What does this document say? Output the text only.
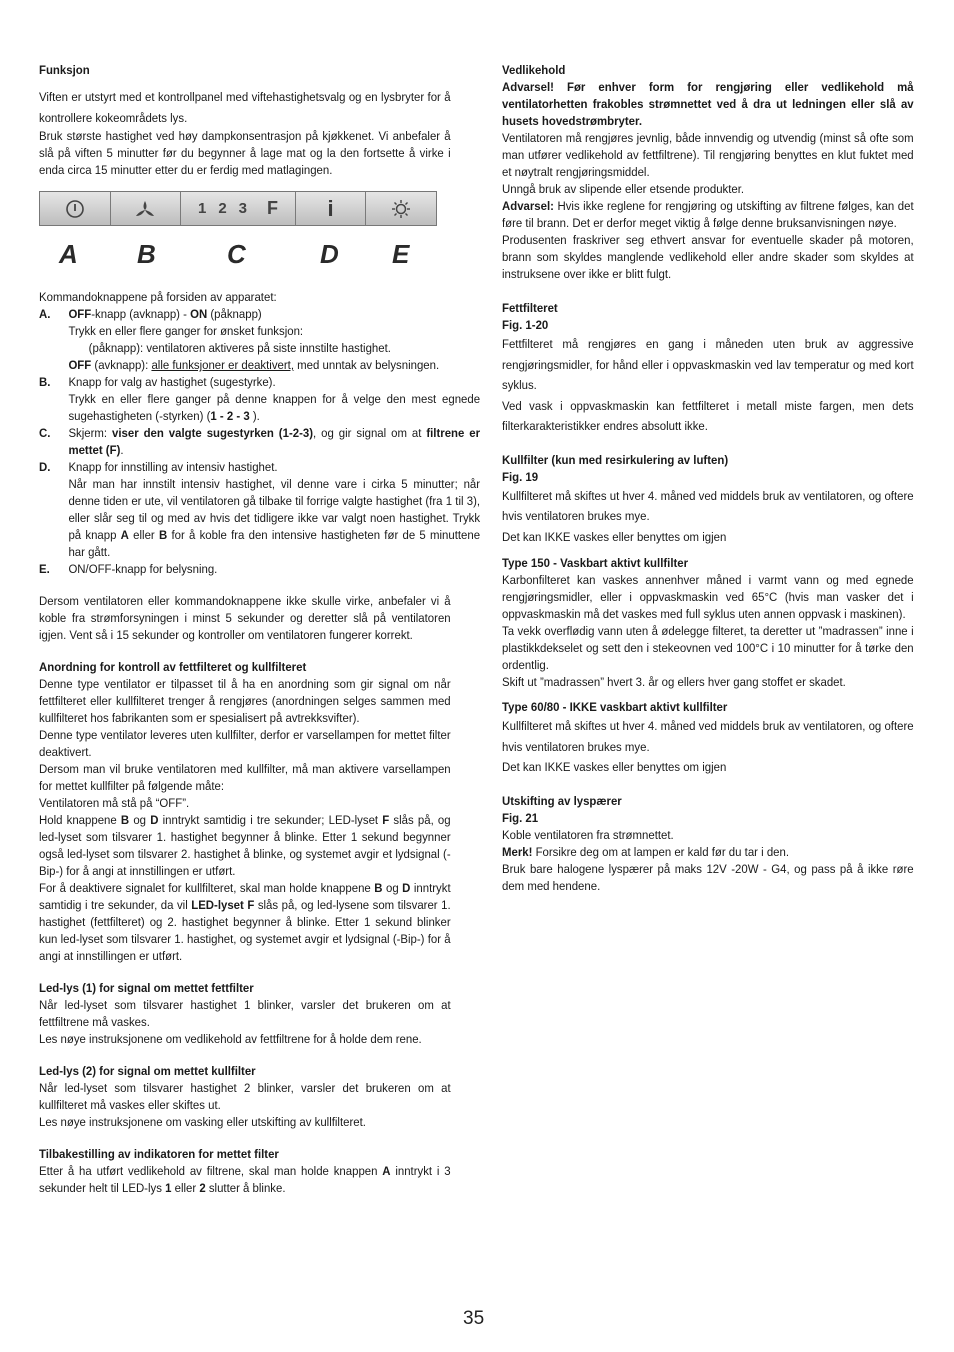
Funksjon
Viften er utstyrt med et kontrollpanel med viftehastighetsvalg og en lysbryter for å kontrollere kokeområdets lys.
Bruk største hastighet ved høy dampkonsentrasjon på kjøkkenet. Vi anbefaler å slå på viften 5 minutter før du begynner å lage mat og la den fortsette å virke i enda circa 15 minutter etter du er ferdig med matlagingen.
1 2 3 F	i
A B	C	D E
Kommandoknappene på forsiden av apparatet:
A. OFF-knapp (avknapp) - ON (påknapp)
Trykk en eller flere ganger for ønsket funksjon:
(påknapp): ventilatoren aktiveres på siste innstilte hastighet.
OFF (avknapp): alle funksjoner er deaktivert, med unntak av belysningen.
B. Knapp for valg av hastighet (sugestyrke).
Trykk en eller flere ganger på denne knappen for å velge den mest egnede sugehastigheten (-styrken) (1 - 2 - 3 ).
C. Skjerm: viser den valgte sugestyrken (1-2-3), og gir signal om at filtrene er mettet (F).
D. Knapp for innstilling av intensiv hastighet.
Når man har innstilt intensiv hastighet, vil denne vare i cirka 5 minutter; når denne tiden er ute, vil ventilatoren gå tilbake til forrige valgte hastighet (fra 1 til 3), eller slår seg til og med av hvis det tidligere ikke var valgt noen hastighet. Trykk på knapp A eller B for å koble fra den intensive hastigheten før de 5 minuttene har gått.
E. ON/OFF-knapp for belysning.
Dersom ventilatoren eller kommandoknappene ikke skulle virke, anbefaler vi å koble fra strømforsyningen i minst 5 sekunder og deretter slå på ventilatoren igjen. Vent så i 15 sekunder og kontroller om ventilatoren fungerer korrekt.
Anordning for kontroll av fettfilteret og kullfilteret
Denne type ventilator er tilpasset til å ha en anordning som gir signal om når fettfilteret eller kullfilteret trenger å rengjøres (anordningen selges sammen med kullfilteret hos fabrikanten som er spesialisert på avtrekksvifter).
Denne type ventilator leveres uten kullfilter, derfor er varsellampen for mettet filter deaktivert.
Dersom man vil bruke ventilatoren med kullfilter, må man aktivere varsellampen for mettet kullfilter på følgende måte:
Ventilatoren må stå på “OFF”.
Hold knappene B og D inntrykt samtidig i tre sekunder; LED-lyset F slås på, og led-lyset som tilsvarer 1. hastighet begynner å blinke. Etter 1 sekund begynner også led-lyset som tilsvarer 2. hastighet å blinke, og systemet avgir et lydsignal (-Bip-) for å angi at innstillingen er utført.
For å deaktivere signalet for kullfilteret, skal man holde knappene B og D inntrykt samtidig i tre sekunder, da vil LED-lyset F slås på, og led-lysene som tilsvarer 1. hastighet (fettfilteret) og 2. hastighet begynner å blinke. Etter 1 sekund blinker kun led-lyset som tilsvarer 1. hastighet, og systemet avgir et lydsignal (-Bip-) for å angi at innstillingen er utført.
Led-lys (1) for signal om mettet fettfilter
Når led-lyset som tilsvarer hastighet 1 blinker, varsler det brukeren om at fettfiltrene må vaskes.
Les nøye instruksjonene om vedlikehold av fettfiltrene for å holde dem rene.
Led-lys (2) for signal om mettet kullfilter
Når led-lyset som tilsvarer hastighet 2 blinker, varsler det brukeren om at kullfilteret må vaskes eller skiftes ut.
Les nøye instruksjonene om vasking eller utskifting av kullfilteret.
Tilbakestilling av indikatoren for mettet filter
Etter å ha utført vedlikehold av filtrene, skal man holde knappen A inntrykt i 3 sekunder helt til LED-lys 1 eller 2 slutter å blinke.
Vedlikehold
Advarsel! Før enhver form for rengjøring eller vedlikehold må ventilatorhetten frakobles strømnettet ved å dra ut ledningen eller slå av husets hovedstrømbryter.
Ventilatoren må rengjøres jevnlig, både innvendig og utvendig (minst så ofte som man utfører vedlikehold av fettfiltrene). Til rengjøring benyttes en klut fuktet med et nøytralt rengjøringsmiddel.
Unngå bruk av slipende eller etsende produkter.
Advarsel: Hvis ikke reglene for rengjøring og utskifting av filtrene følges, kan det føre til brann. Det er derfor meget viktig å følge denne bruksanvisningen nøye.
Produsenten fraskriver seg ethvert ansvar for eventuelle skader på motoren, brann som skyldes manglende vedlikehold eller andre skader som skyldes at instruksene over ikke er blitt fulgt.
Fettfilteret
Fig. 1-20
Fettfilteret må rengjøres en gang i måneden uten bruk av aggressive rengjøringsmidler, for hånd eller i oppvaskmaskin ved lav temperatur og med kort syklus.
Ved vask i oppvaskmaskin kan fettfilteret i metall miste fargen, men dets filterkarakteristikker endres absolutt ikke.
Kullfilter (kun med resirkulering av luften)
Fig. 19
Kullfilteret må skiftes ut hver 4. måned ved middels bruk av ventilatoren, og oftere hvis ventilatoren brukes mye.
Det kan IKKE vaskes eller benyttes om igjen
Type 150 - Vaskbart aktivt kullfilter
Karbonfilteret kan vaskes annenhver måned i varmt vann og med egnede rengjøringsmidler, eller i oppvaskmaskin ved 65°C (hvis man vasker det i oppvaskmaskin må det vaskes med full syklus uten annen oppvask i maskinen).
Ta vekk overflødig vann uten å ødelegge filteret, ta deretter ut ”madrassen” inne i plastikkdekselet og sett den i stekeovnen ved 100°C i 10 minutter for å tørke den ordentlig.
Skift ut ”madrassen” hvert 3. år og ellers hver gang stoffet er skadet.
Type 60/80 - IKKE vaskbart aktivt kullfilter
Kullfilteret må skiftes ut hver 4. måned ved middels bruk av ventilatoren, og oftere hvis ventilatoren brukes mye.
Det kan IKKE vaskes eller benyttes om igjen
Utskifting av lyspærer
Fig. 21
Koble ventilatoren fra strømnettet.
Merk! Forsikre deg om at lampen er kald før du tar i den.
Bruk bare halogene lyspærer på maks 12V -20W - G4, og pass på å ikke røre dem med hendene.
35
